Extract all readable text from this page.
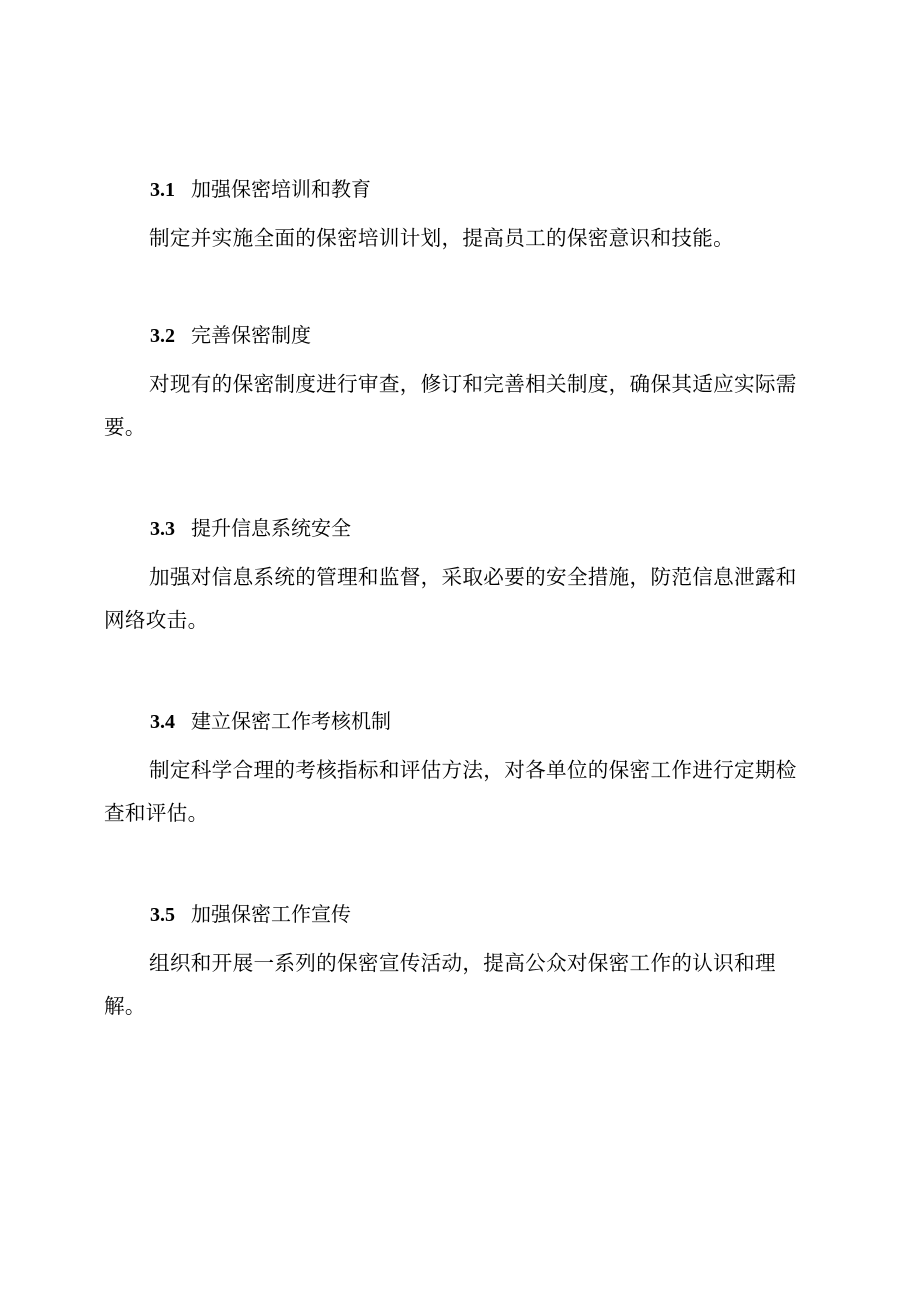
3.1 加强保密培训和教育
制定并实施全面的保密培训计划，提高员工的保密意识和技能。
3.2 完善保密制度
对现有的保密制度进行审查，修订和完善相关制度，确保其适应实际需要。
3.3 提升信息系统安全
加强对信息系统的管理和监督，采取必要的安全措施，防范信息泄露和网络攻击。
3.4 建立保密工作考核机制
制定科学合理的考核指标和评估方法，对各单位的保密工作进行定期检查和评估。
3.5 加强保密工作宣传
组织和开展一系列的保密宣传活动，提高公众对保密工作的认识和理解。
